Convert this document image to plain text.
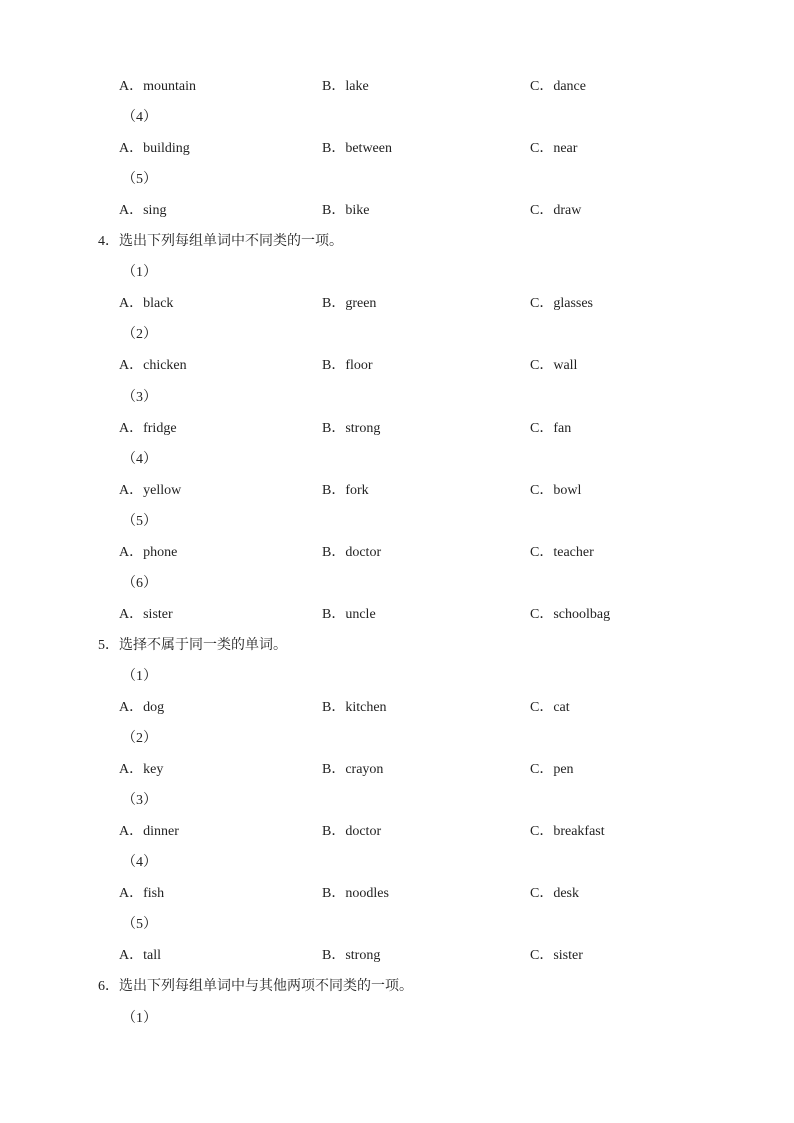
A．mountain	B．lake	C．dance
（4）
A．building	B．between	C．near
（5）
A．sing	B．bike	C．draw
4．选出下列每组单词中不同类的一项。
（1）
A．black	B．green	C．glasses
（2）
A．chicken	B．floor	C．wall
（3）
A．fridge	B．strong	C．fan
（4）
A．yellow	B．fork	C．bowl
（5）
A．phone	B．doctor	C．teacher
（6）
A．sister	B．uncle	C．schoolbag
5．选择不属于同一类的单词。
（1）
A．dog	B．kitchen	C．cat
（2）
A．key	B．crayon	C．pen
（3）
A．dinner	B．doctor	C．breakfast
（4）
A．fish	B．noodles	C．desk
（5）
A．tall	B．strong	C．sister
6．选出下列每组单词中与其他两项不同类的一项。
（1）
